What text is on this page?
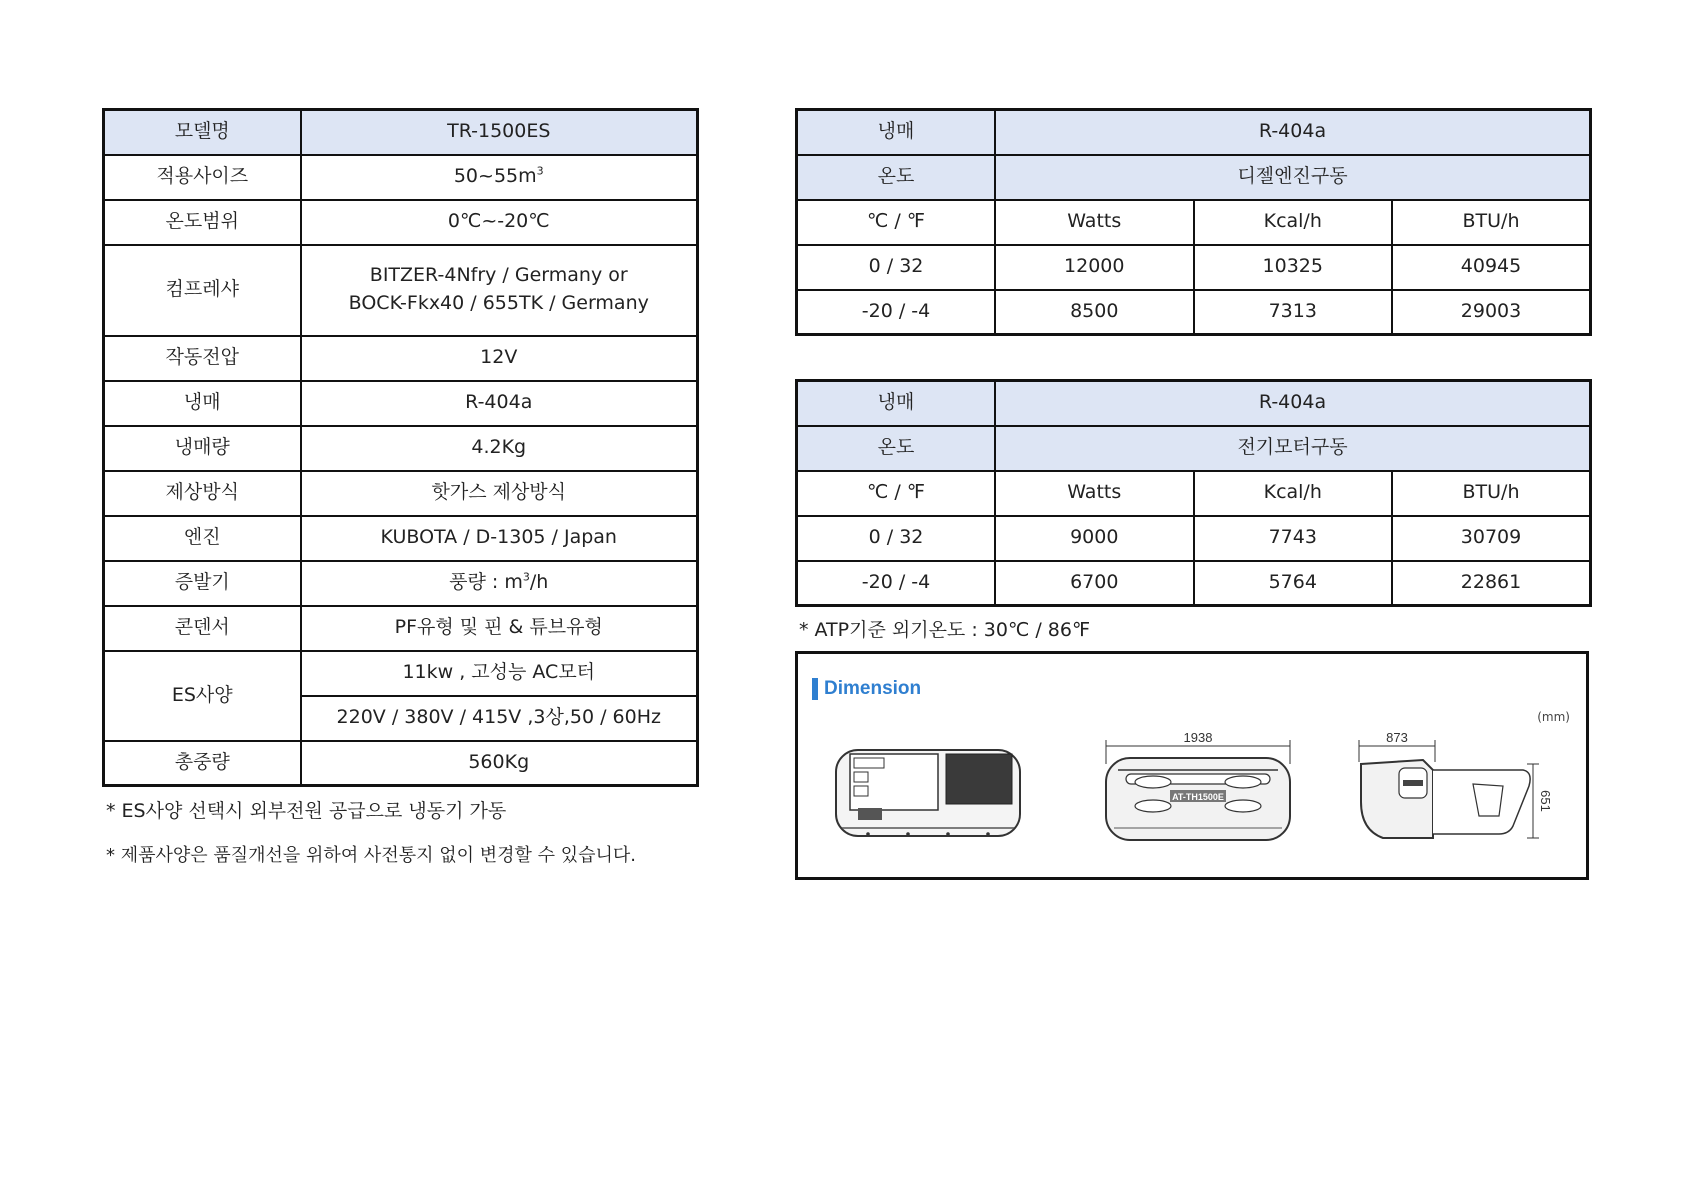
모델명	TR-1500ES
적용사이즈	$50\sim 55m^3$
온도범위	0℃~-20℃
컴프레샤	BITZER-4Nfry / Germany or
BOCK-Fkx40 / 655TK / Germany

작동전압	12V
냉매	R-404a
냉매량	4.2Kg
제상방식	핫가스 제상방식
엔진	KUBOTA / D-1305 / Japan
증발기	풍량 : $m^3/h$
콘덴서	PF유형 및 핀 & 튜브유형
ES사양	11kw , 고성능 AC모터
	220V / 380V / 415V ,3상,50 / 60Hz
총중량	560Kg
* ES사양 선택시 외부전원 공급으로 냉동기 가동
* 제품사양은 품질개선을 위하여 사전통지 없이 변경할 수 있습니다.
냉매	R-404a		
온도	디젤엔진구동		
℃ / ℉	Watts	Kcal/h	BTU/h
0 / 32	12000	10325	40945
-20 / -4	8500	7313	29003
냉매	R-404a		
온도	전기모터구동		
℃ / ℉	Watts	Kcal/h	BTU/h
0 / 32	9000	7743	30709
-20 / -4	6700	5764	22861
* ATP기준 외기온도 : 30℃ / 86℉
Dimension
(mm)
1938
AT-TH1500E
873
651
